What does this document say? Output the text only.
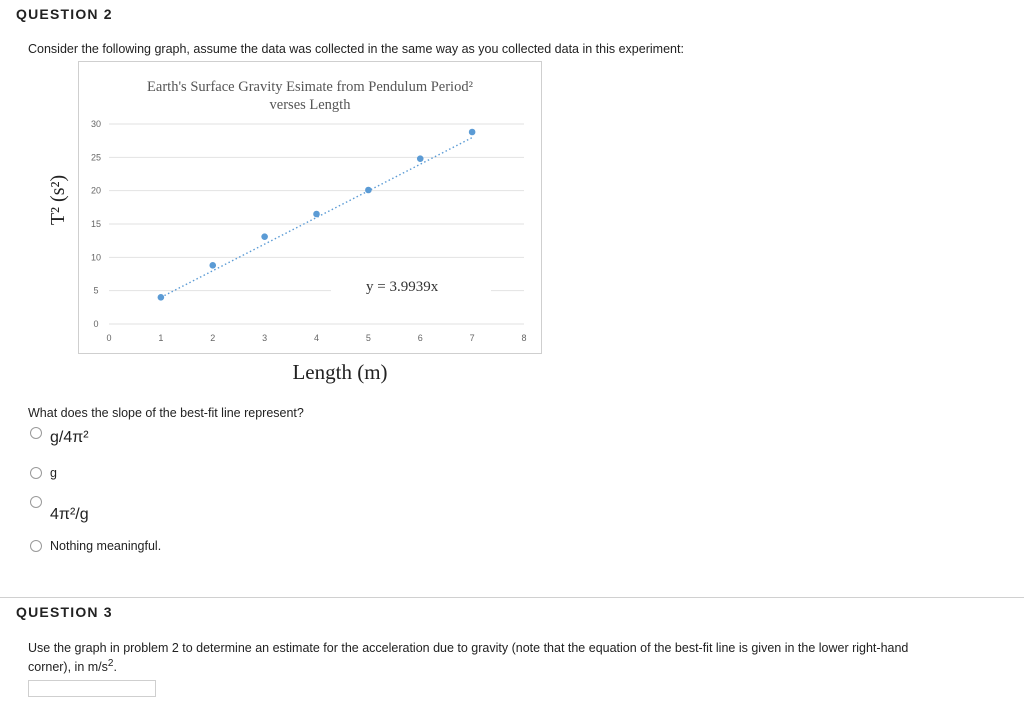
QUESTION 2
Consider the following graph, assume the data was collected in the same way as you collected data in this experiment:
Earth's Surface Gravity Esimate from Pendulum Period²
verses Length
0
5
10
15
20
25
30
0	1	2	3	4	5	6	7	8
y = 3.9939x
T² (s²)
Length (m)
What does the slope of the best-fit line represent?
g/4π²
g
4π²/g
Nothing meaningful.
QUESTION 3
Use the graph in problem 2 to determine an estimate for the acceleration due to gravity (note that the equation of the best-fit line is given in the lower right-hand
corner), in $m/s^2$.
